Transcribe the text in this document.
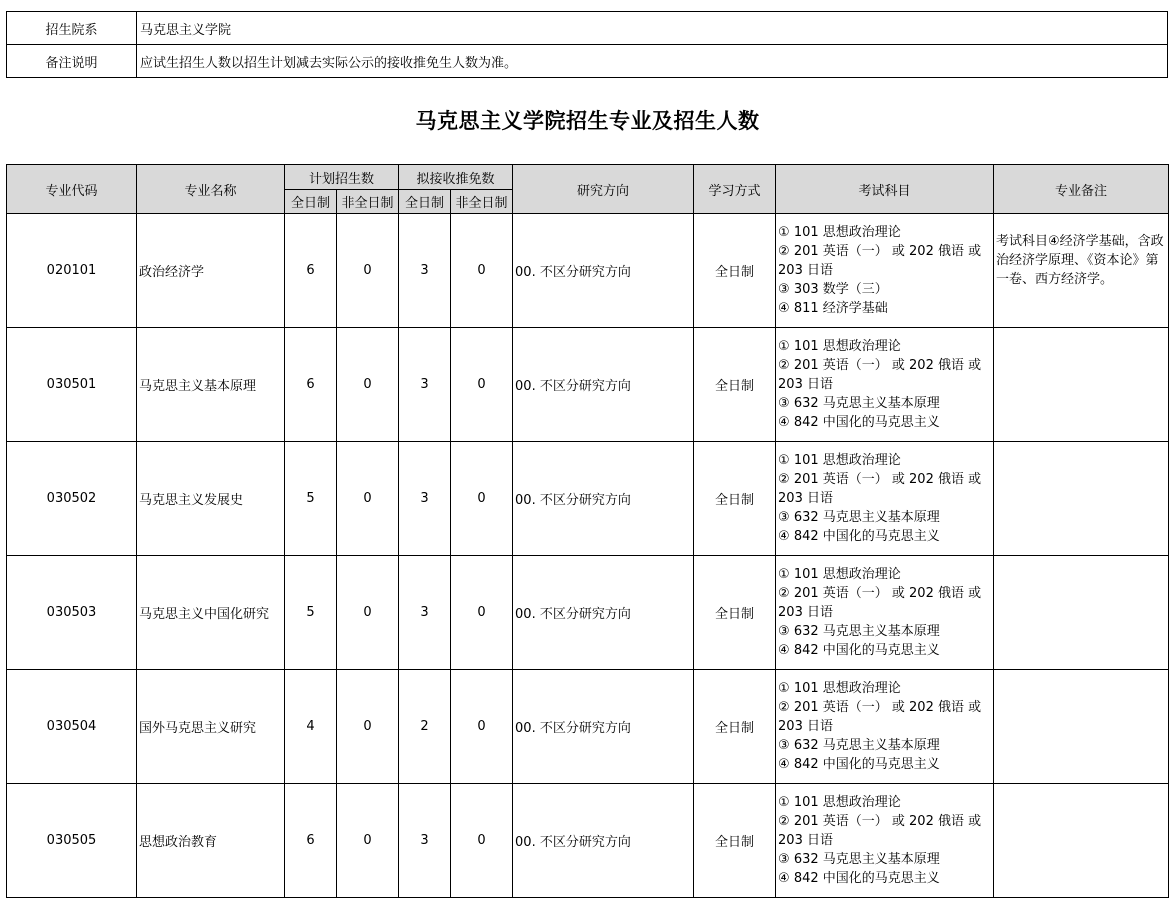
招生院系	马克思主义学院
备注说明	应试生招生人数以招生计划减去实际公示的接收推免生人数为准。
马克思主义学院招生专业及招生人数
专业代码	专业名称	计划招生数		拟接收推免数		研究方向	学习方式	考试科目	专业备注
		全日制	非全日制	全日制	非全日制				
020101	政治经济学	6	0	3	0	00. 不区分研究方向	全日制	① 101 思想政治理论
② 201 英语（一） 或 202 俄语 或
203 日语
③ 303 数学（三）
④ 811 经济学基础	考试科目④经济学基础，含政治经济学原理、《资本论》第一卷、西方经济学。
030501	马克思主义基本原理	6	0	3	0	00. 不区分研究方向	全日制	① 101 思想政治理论
② 201 英语（一） 或 202 俄语 或
203 日语
③ 632 马克思主义基本原理
④ 842 中国化的马克思主义	

030502	马克思主义发展史	5	0	3	0	00. 不区分研究方向	全日制	① 101 思想政治理论
② 201 英语（一） 或 202 俄语 或
203 日语
③ 632 马克思主义基本原理
④ 842 中国化的马克思主义	

030503	马克思主义中国化研究	5	0	3	0	00. 不区分研究方向	全日制	① 101 思想政治理论
② 201 英语（一） 或 202 俄语 或
203 日语
③ 632 马克思主义基本原理
④ 842 中国化的马克思主义	

030504	国外马克思主义研究	4	0	2	0	00. 不区分研究方向	全日制	① 101 思想政治理论
② 201 英语（一） 或 202 俄语 或
203 日语
③ 632 马克思主义基本原理
④ 842 中国化的马克思主义	

030505	思想政治教育	6	0	3	0	00. 不区分研究方向	全日制	① 101 思想政治理论
② 201 英语（一） 或 202 俄语 或
203 日语
③ 632 马克思主义基本原理
④ 842 中国化的马克思主义	
